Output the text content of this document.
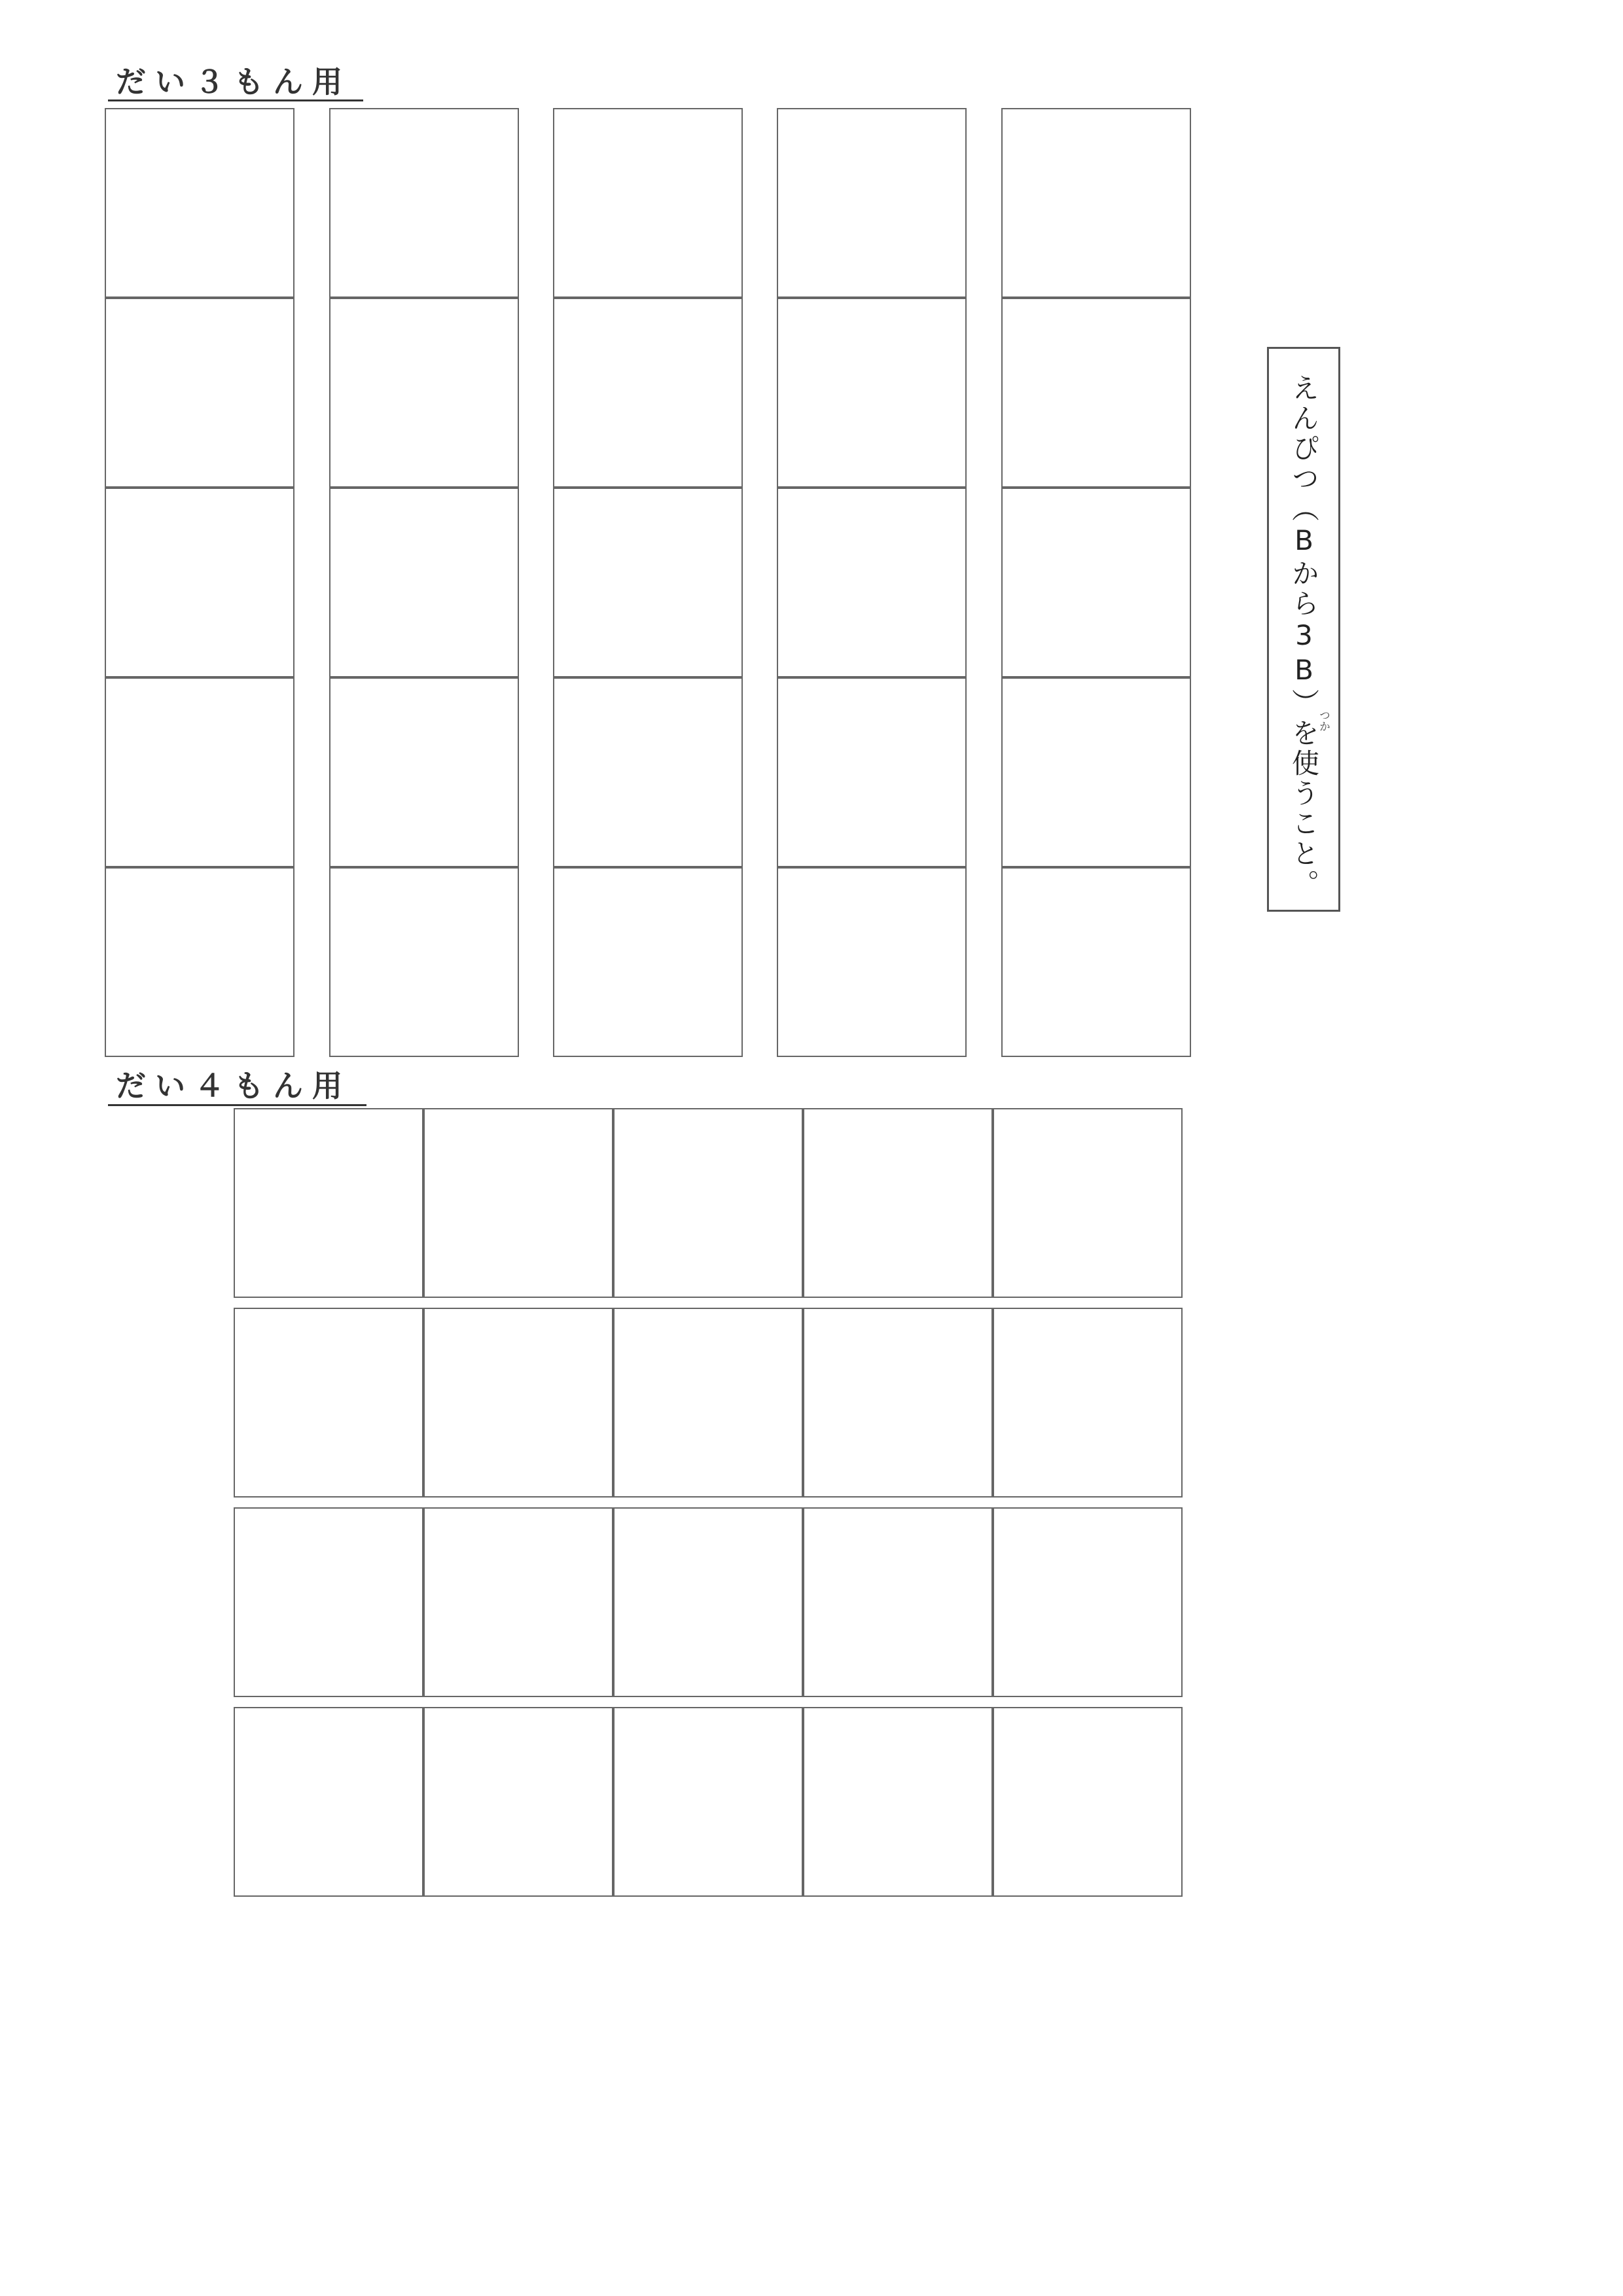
だい３もん用
だい４もん用
えんぴつ（Bから3B）を使うこと。
つか
